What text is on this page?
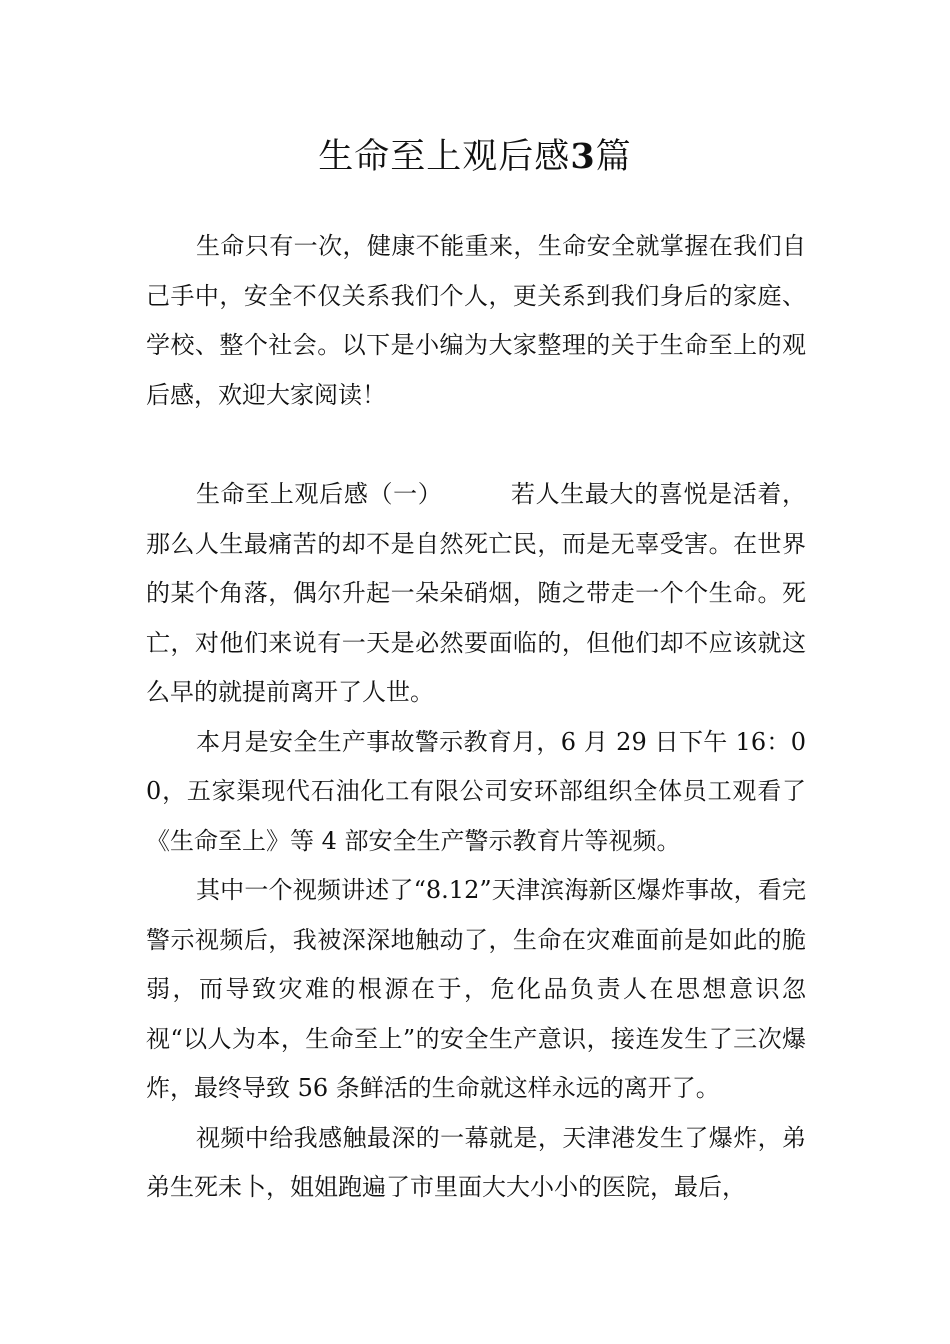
生命至上观后感3篇

生命只有一次，健康不能重来，生命安全就掌握在我们自己手中，安全不仅关系我们个人，更关系到我们身后的家庭、学校、整个社会。以下是小编为大家整理的关于生命至上的观后感，欢迎大家阅读！

生命至上观后感（一）	若人生最大的喜悦是活着，那么人生最痛苦的却不是自然死亡民，而是无辜受害。在世界的某个角落，偶尔升起一朵朵硝烟，随之带走一个个生命。死亡，对他们来说有一天是必然要面临的，但他们却不应该就这么早的就提前离开了人世。

本月是安全生产事故警示教育月，6 月 29 日下午 16：00，五家渠现代石油化工有限公司安环部组织全体员工观看了《生命至上》等 4 部安全生产警示教育片等视频。

其中一个视频讲述了“8.12”天津滨海新区爆炸事故，看完警示视频后，我被深深地触动了，生命在灾难面前是如此的脆弱，而导致灾难的根源在于，危化品负责人在思想意识忽视“以人为本，生命至上”的安全生产意识，接连发生了三次爆炸，最终导致 56 条鲜活的生命就这样永远的离开了。

视频中给我感触最深的一幕就是，天津港发生了爆炸，弟弟生死未卜，姐姐跑遍了市里面大大小小的医院，最后，
